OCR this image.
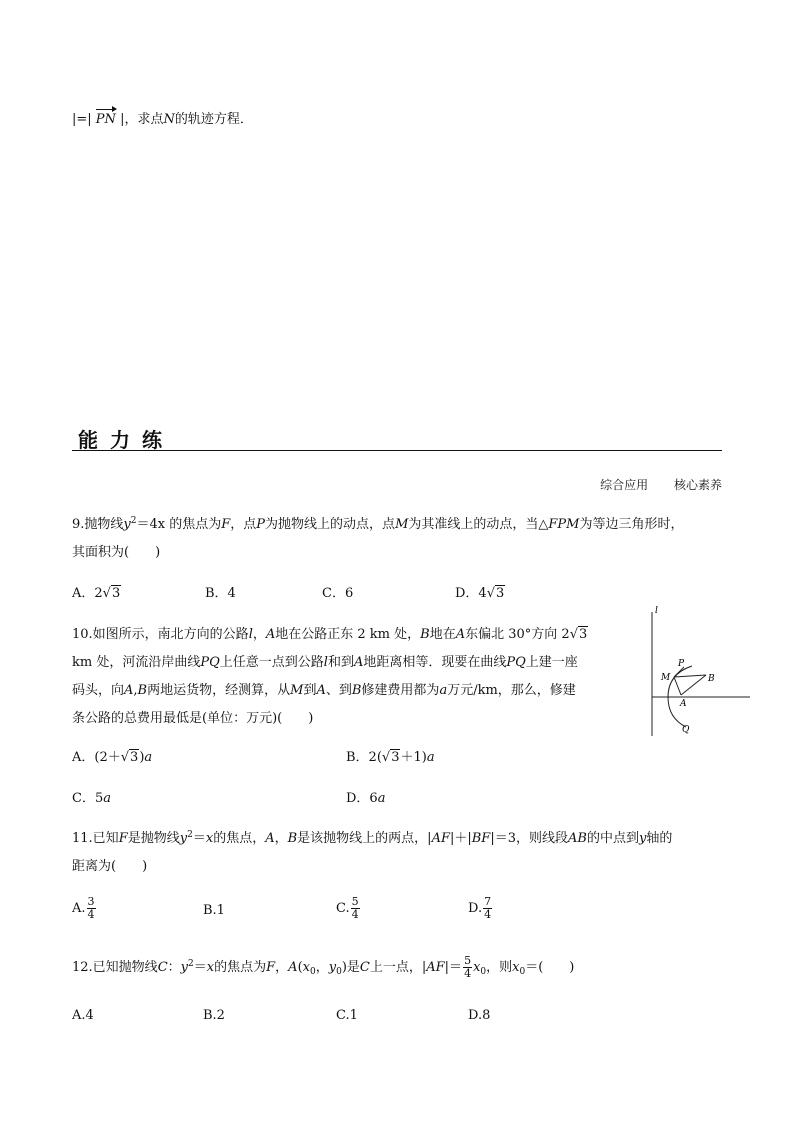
|=| PN |，求点N的轨迹方程．
能力练
综合应用 核心素养
9.抛物线$y^2=4x$ 的焦点为F，点P为抛物线上的动点，点M为其准线上的动点，当△FPM为等边三角形时，
其面积为(　　)
A．2√3	B．4	C．6	D．4√3
10.如图所示，南北方向的公路l，A地在公路正东 2 km 处，B地在A东偏北 30°方向 2√3
km 处，河流沿岸曲线PQ上任意一点到公路l和到A地距离相等．现要在曲线PQ上建一座
码头，向A,B两地运货物，经测算，从M到A、到B修建费用都为a万元/km，那么，修建
条公路的总费用最低是(单位：万元)(　　)
l
P
M	B
A
Q
A．(2＋√3)a	B．2(√3＋1)a
C．5a	D．6a
11.已知F是抛物线$y^2=x$的焦点，A，B是该抛物线上的两点，|AF|＋|BF|＝3，则线段AB的中点到y轴的
距离为(　　)
A. $\frac{3}{4}$	B.1	C. $\frac{5}{4}$	D. $\frac{7}{4}$
12.已知抛物线C：$y^2=x$的焦点为F，$A(x_0$，$y_0$)是C上一点，$|AF|= \frac{5}{4} x_0$，则$x_0=$(　　)
A.4	B.2	C.1	D.8
